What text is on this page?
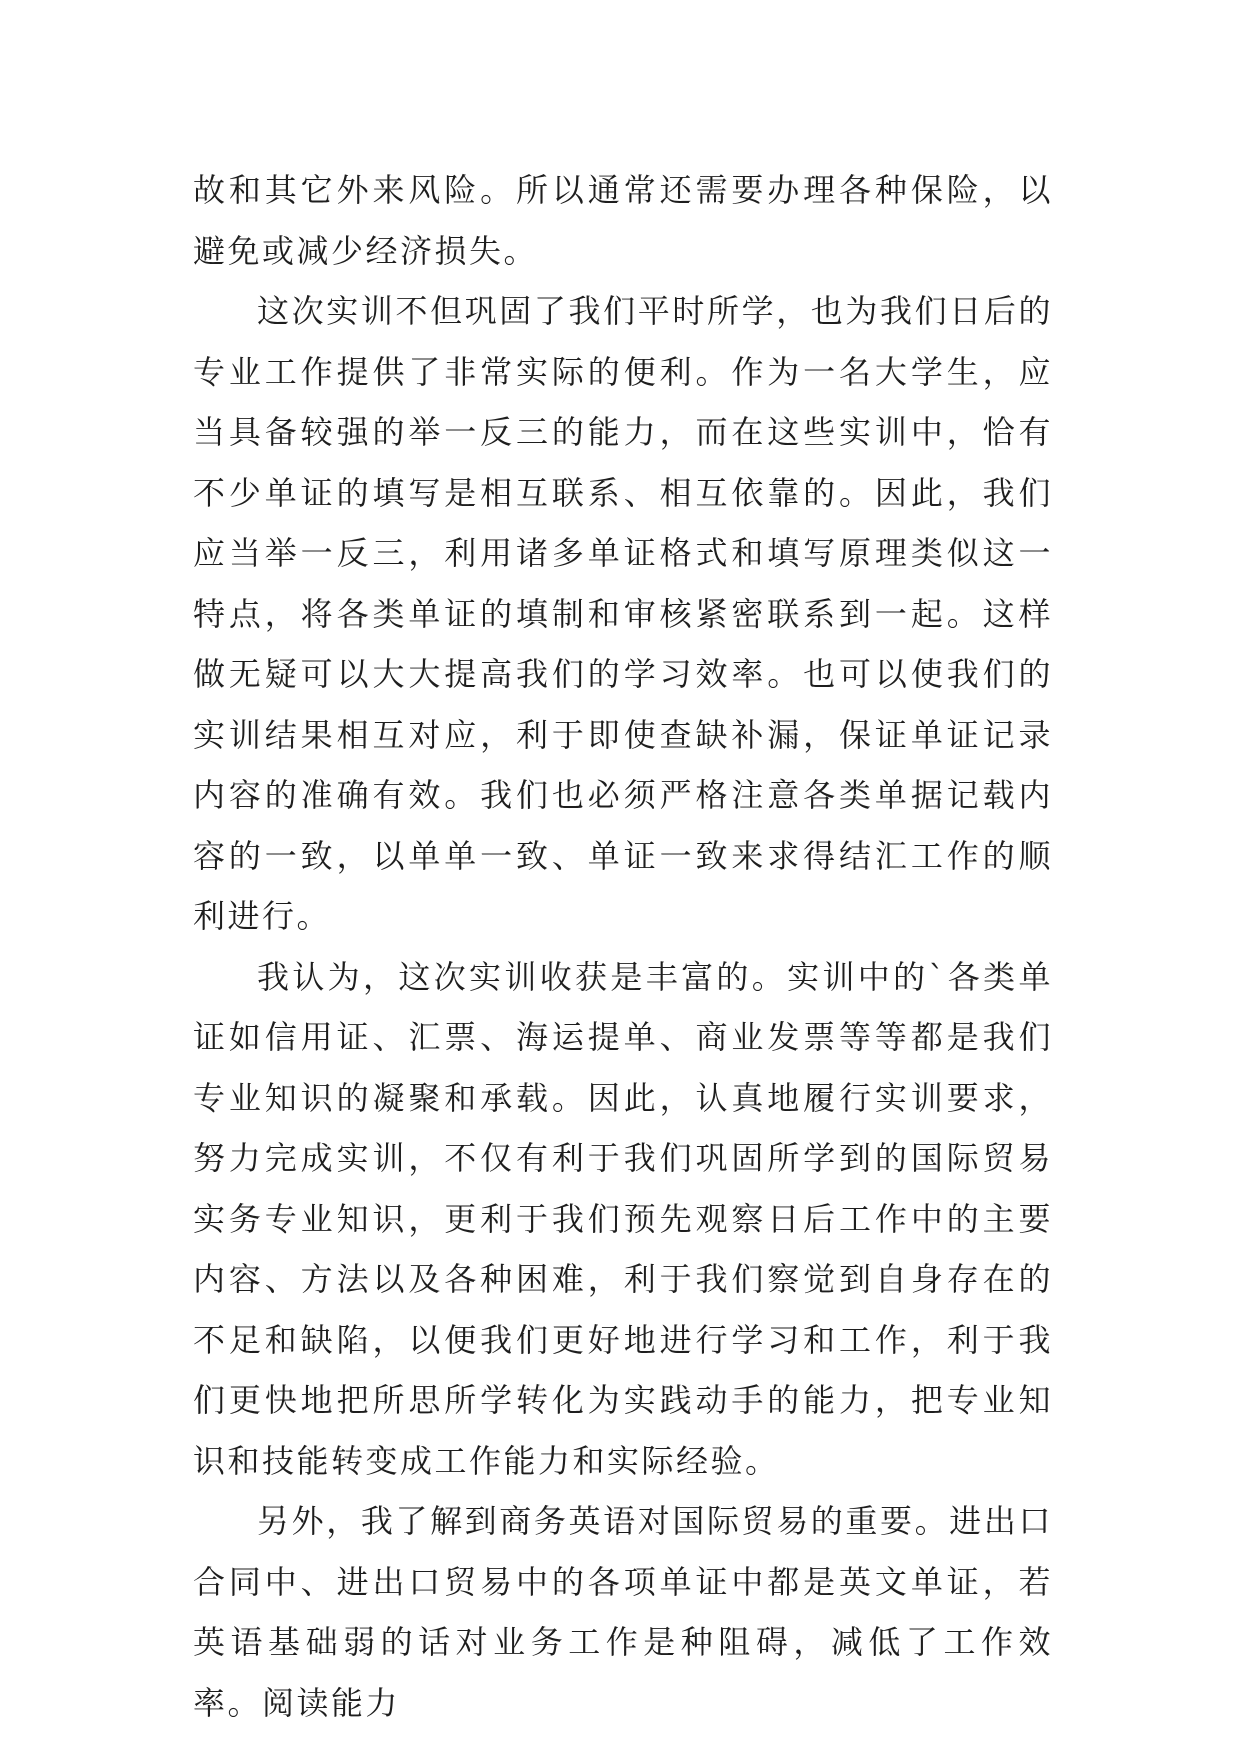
故和其它外来风险。所以通常还需要办理各种保险，以避免或减少经济损失。

这次实训不但巩固了我们平时所学，也为我们日后的专业工作提供了非常实际的便利。作为一名大学生，应当具备较强的举一反三的能力，而在这些实训中，恰有不少单证的填写是相互联系、相互依靠的。因此，我们应当举一反三，利用诸多单证格式和填写原理类似这一特点，将各类单证的填制和审核紧密联系到一起。这样做无疑可以大大提高我们的学习效率。也可以使我们的实训结果相互对应，利于即使查缺补漏，保证单证记录内容的准确有效。我们也必须严格注意各类单据记载内容的一致，以单单一致、单证一致来求得结汇工作的顺利进行。

我认为，这次实训收获是丰富的。实训中的`各类单证如信用证、汇票、海运提单、商业发票等等都是我们专业知识的凝聚和承载。因此，认真地履行实训要求，努力完成实训，不仅有利于我们巩固所学到的国际贸易实务专业知识，更利于我们预先观察日后工作中的主要内容、方法以及各种困难，利于我们察觉到自身存在的不足和缺陷，以便我们更好地进行学习和工作，利于我们更快地把所思所学转化为实践动手的能力，把专业知识和技能转变成工作能力和实际经验。

另外，我了解到商务英语对国际贸易的重要。进出口合同中、进出口贸易中的各项单证中都是英文单证，若英语基础弱的话对业务工作是种阻碍，减低了工作效率。阅读能力
